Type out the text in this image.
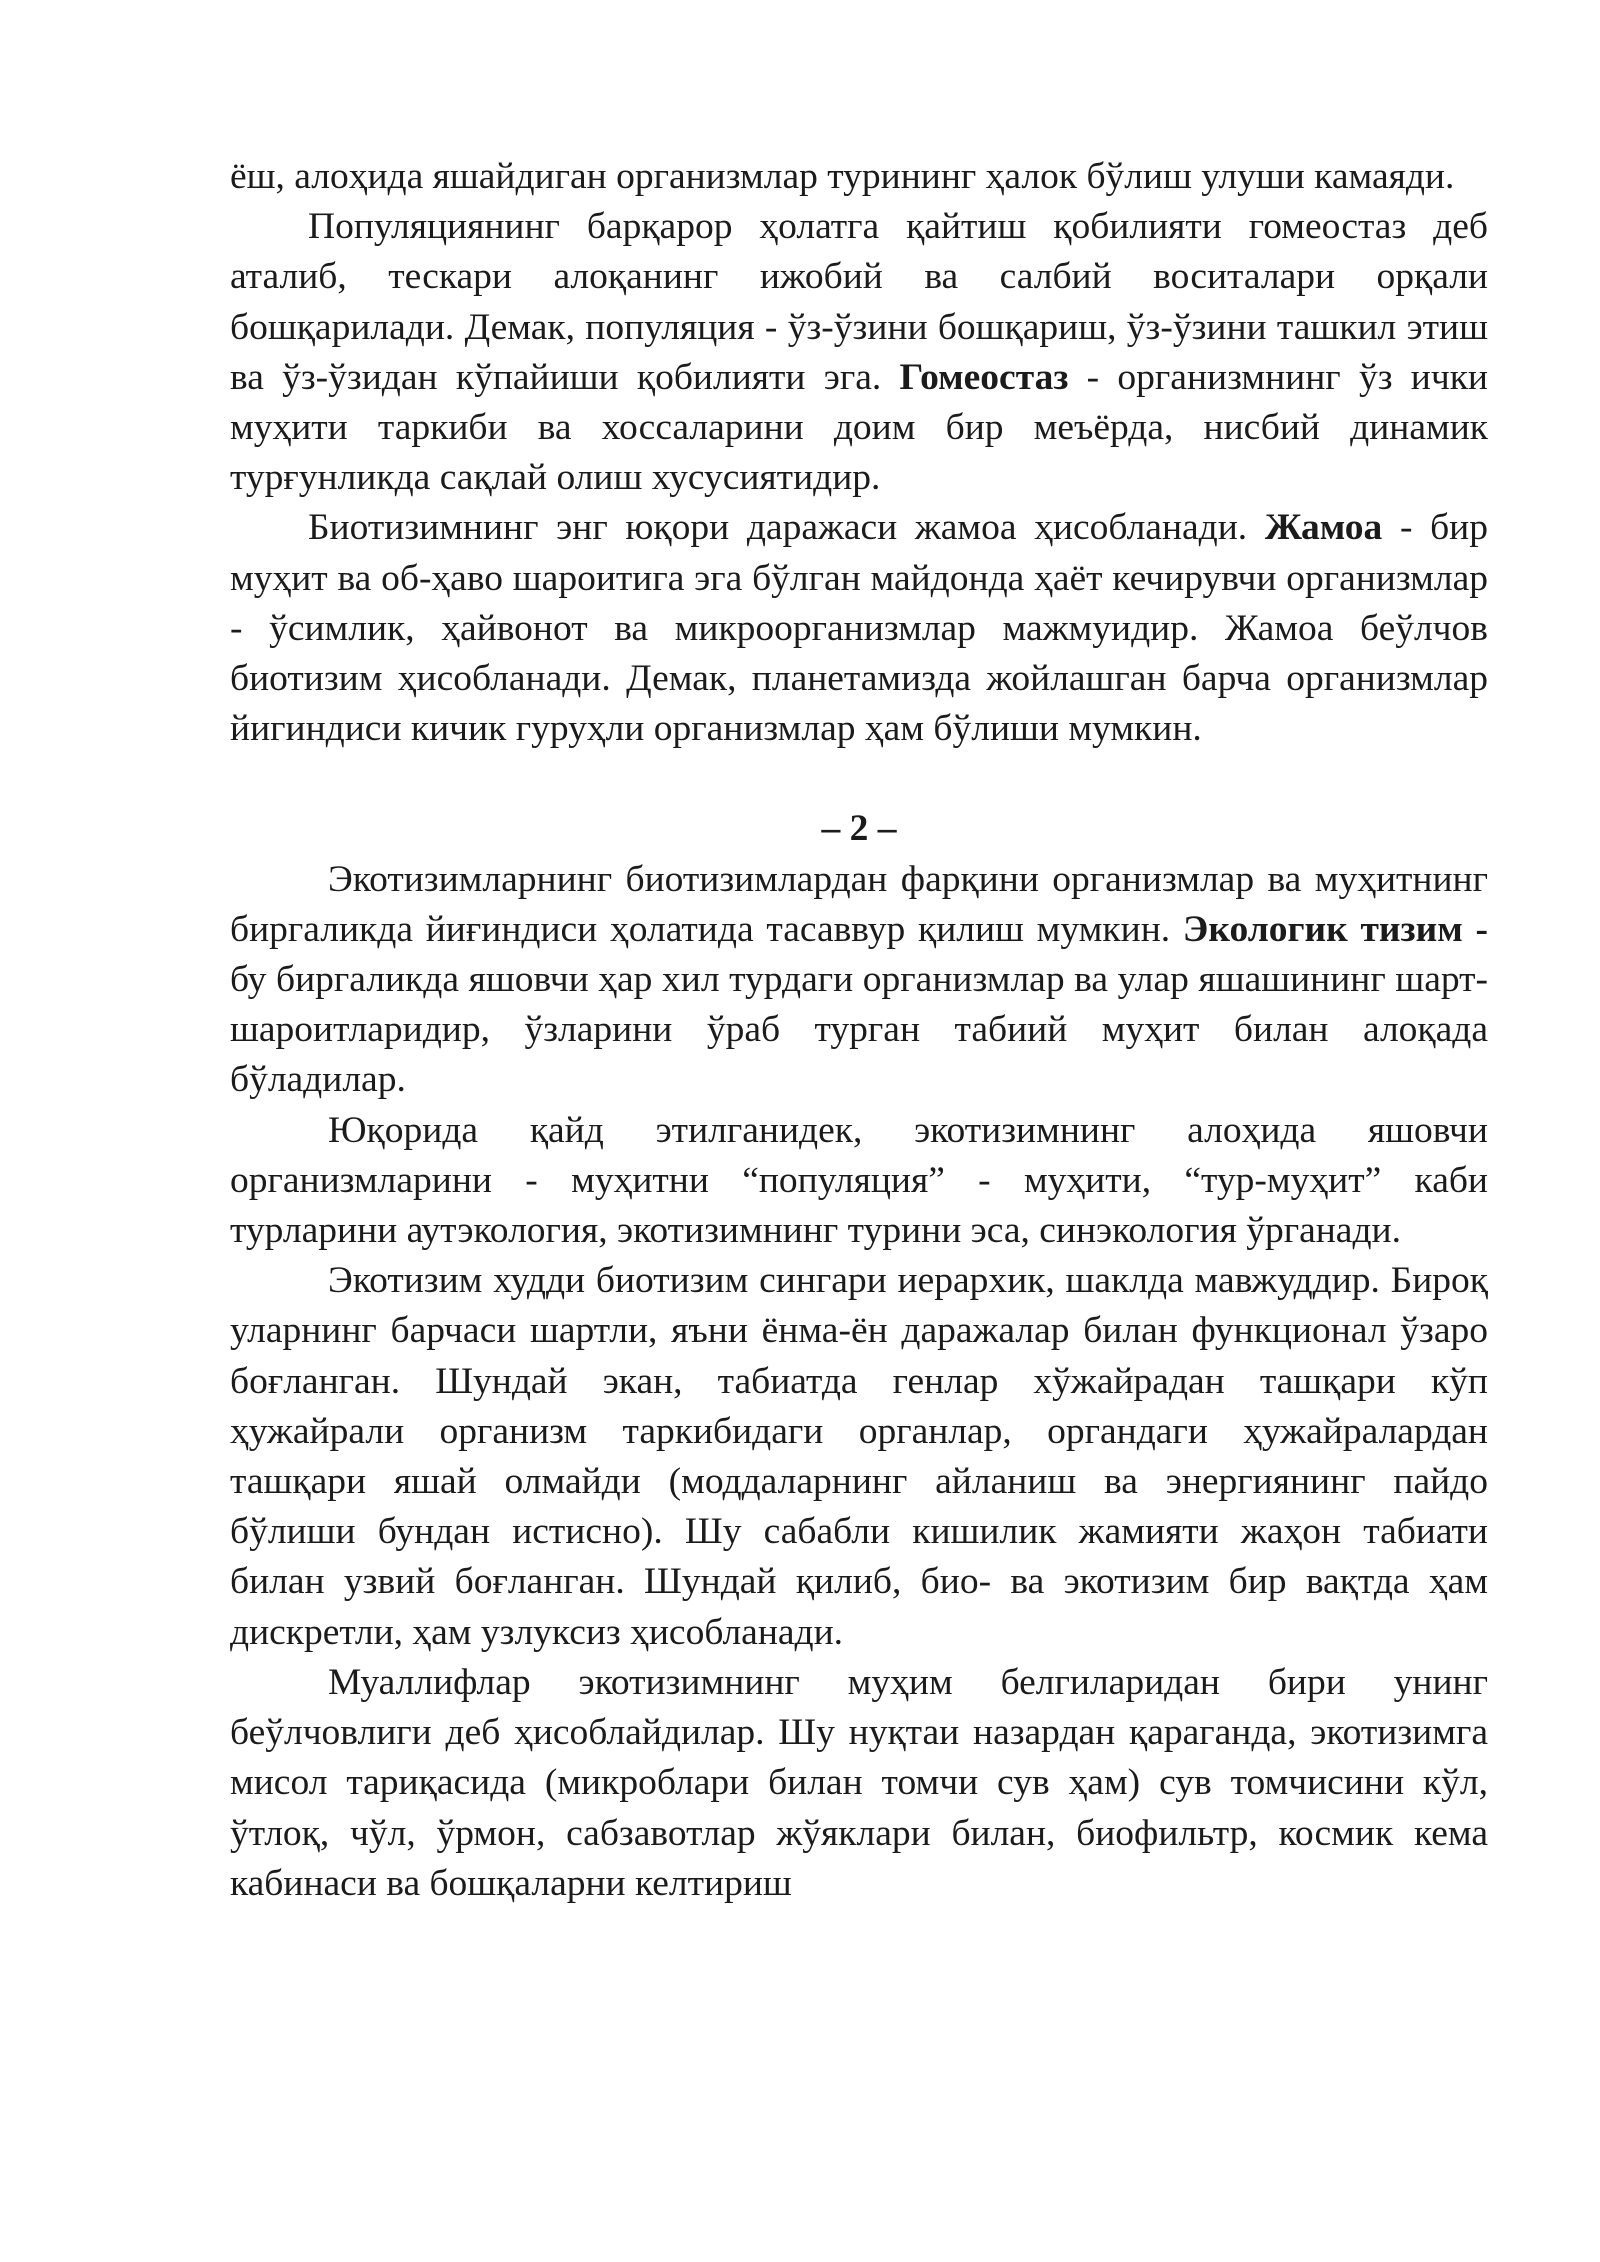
ёш, алоҳида яшайдиган организмлар турининг ҳалок бўлиш улуши камаяди.

Популяциянинг барқарор ҳолатга қайтиш қобилияти гомеостаз деб аталиб, тескари алоқанинг ижобий ва салбий воситалари орқали бошқарилади. Демак, популяция - ўз-ўзини бошқариш, ўз-ўзини ташкил этиш ва ўз-ўзидан кўпайиши қобилияти эга. Гомеостаз - организмнинг ўз ички муҳити таркиби ва хоссаларини доим бир меъёрда, нисбий динамик турғунликда сақлай олиш хусусиятидир.

Биотизимнинг энг юқори даражаси жамоа ҳисобланади. Жамоа - бир муҳит ва об-ҳаво шароитига эга бўлган майдонда ҳаёт кечирувчи организмлар - ўсимлик, ҳайвонот ва микроорганизмлар мажмуидир. Жамоа беўлчов биотизим ҳисобланади. Демак, планетамизда жойлашган барча организмлар йигиндиси кичик гуруҳли организмлар ҳам бўлиши мумкин.

– 2 –

Экотизимларнинг биотизимлардан фарқини организмлар ва муҳитнинг биргаликда йиғиндиси ҳолатида тасаввур қилиш мумкин. Экологик тизим - бу биргаликда яшовчи ҳар хил турдаги организмлар ва улар яшашининг шарт-шароитларидир, ўзларини ўраб турган табиий муҳит билан алоқада бўладилар.

Юқорида қайд этилганидек, экотизимнинг алоҳида яшовчи организмларини - муҳитни “популяция” - муҳити, “тур-муҳит” каби турларини аутэкология, экотизимнинг турини эса, синэкология ўрганади.

Экотизим худди биотизим сингари иерархик, шаклда мавжуддир. Бироқ уларнинг барчаси шартли, яъни ёнма-ён даражалар билан функционал ўзаро боғланган. Шундай экан, табиатда генлар хўжайрадан ташқари кўп ҳужайрали организм таркибидаги органлар, органдаги ҳужайралардан ташқари яшай олмайди (моддаларнинг айланиш ва энергиянинг пайдо бўлиши бундан истисно). Шу сабабли кишилик жамияти жаҳон табиати билан узвий боғланган. Шундай қилиб, био- ва экотизим бир вақтда ҳам дискретли, ҳам узлуксиз ҳисобланади.

Муаллифлар экотизимнинг муҳим белгиларидан бири унинг беўлчовлиги деб ҳисоблайдилар. Шу нуқтаи назардан қараганда, экотизимга мисол тариқасида (микроблари билан томчи сув ҳам) сув томчисини кўл, ўтлоқ, чўл, ўрмон, сабзавотлар жўяклари билан, биофильтр, космик кема кабинаси ва бошқаларни келтириш
